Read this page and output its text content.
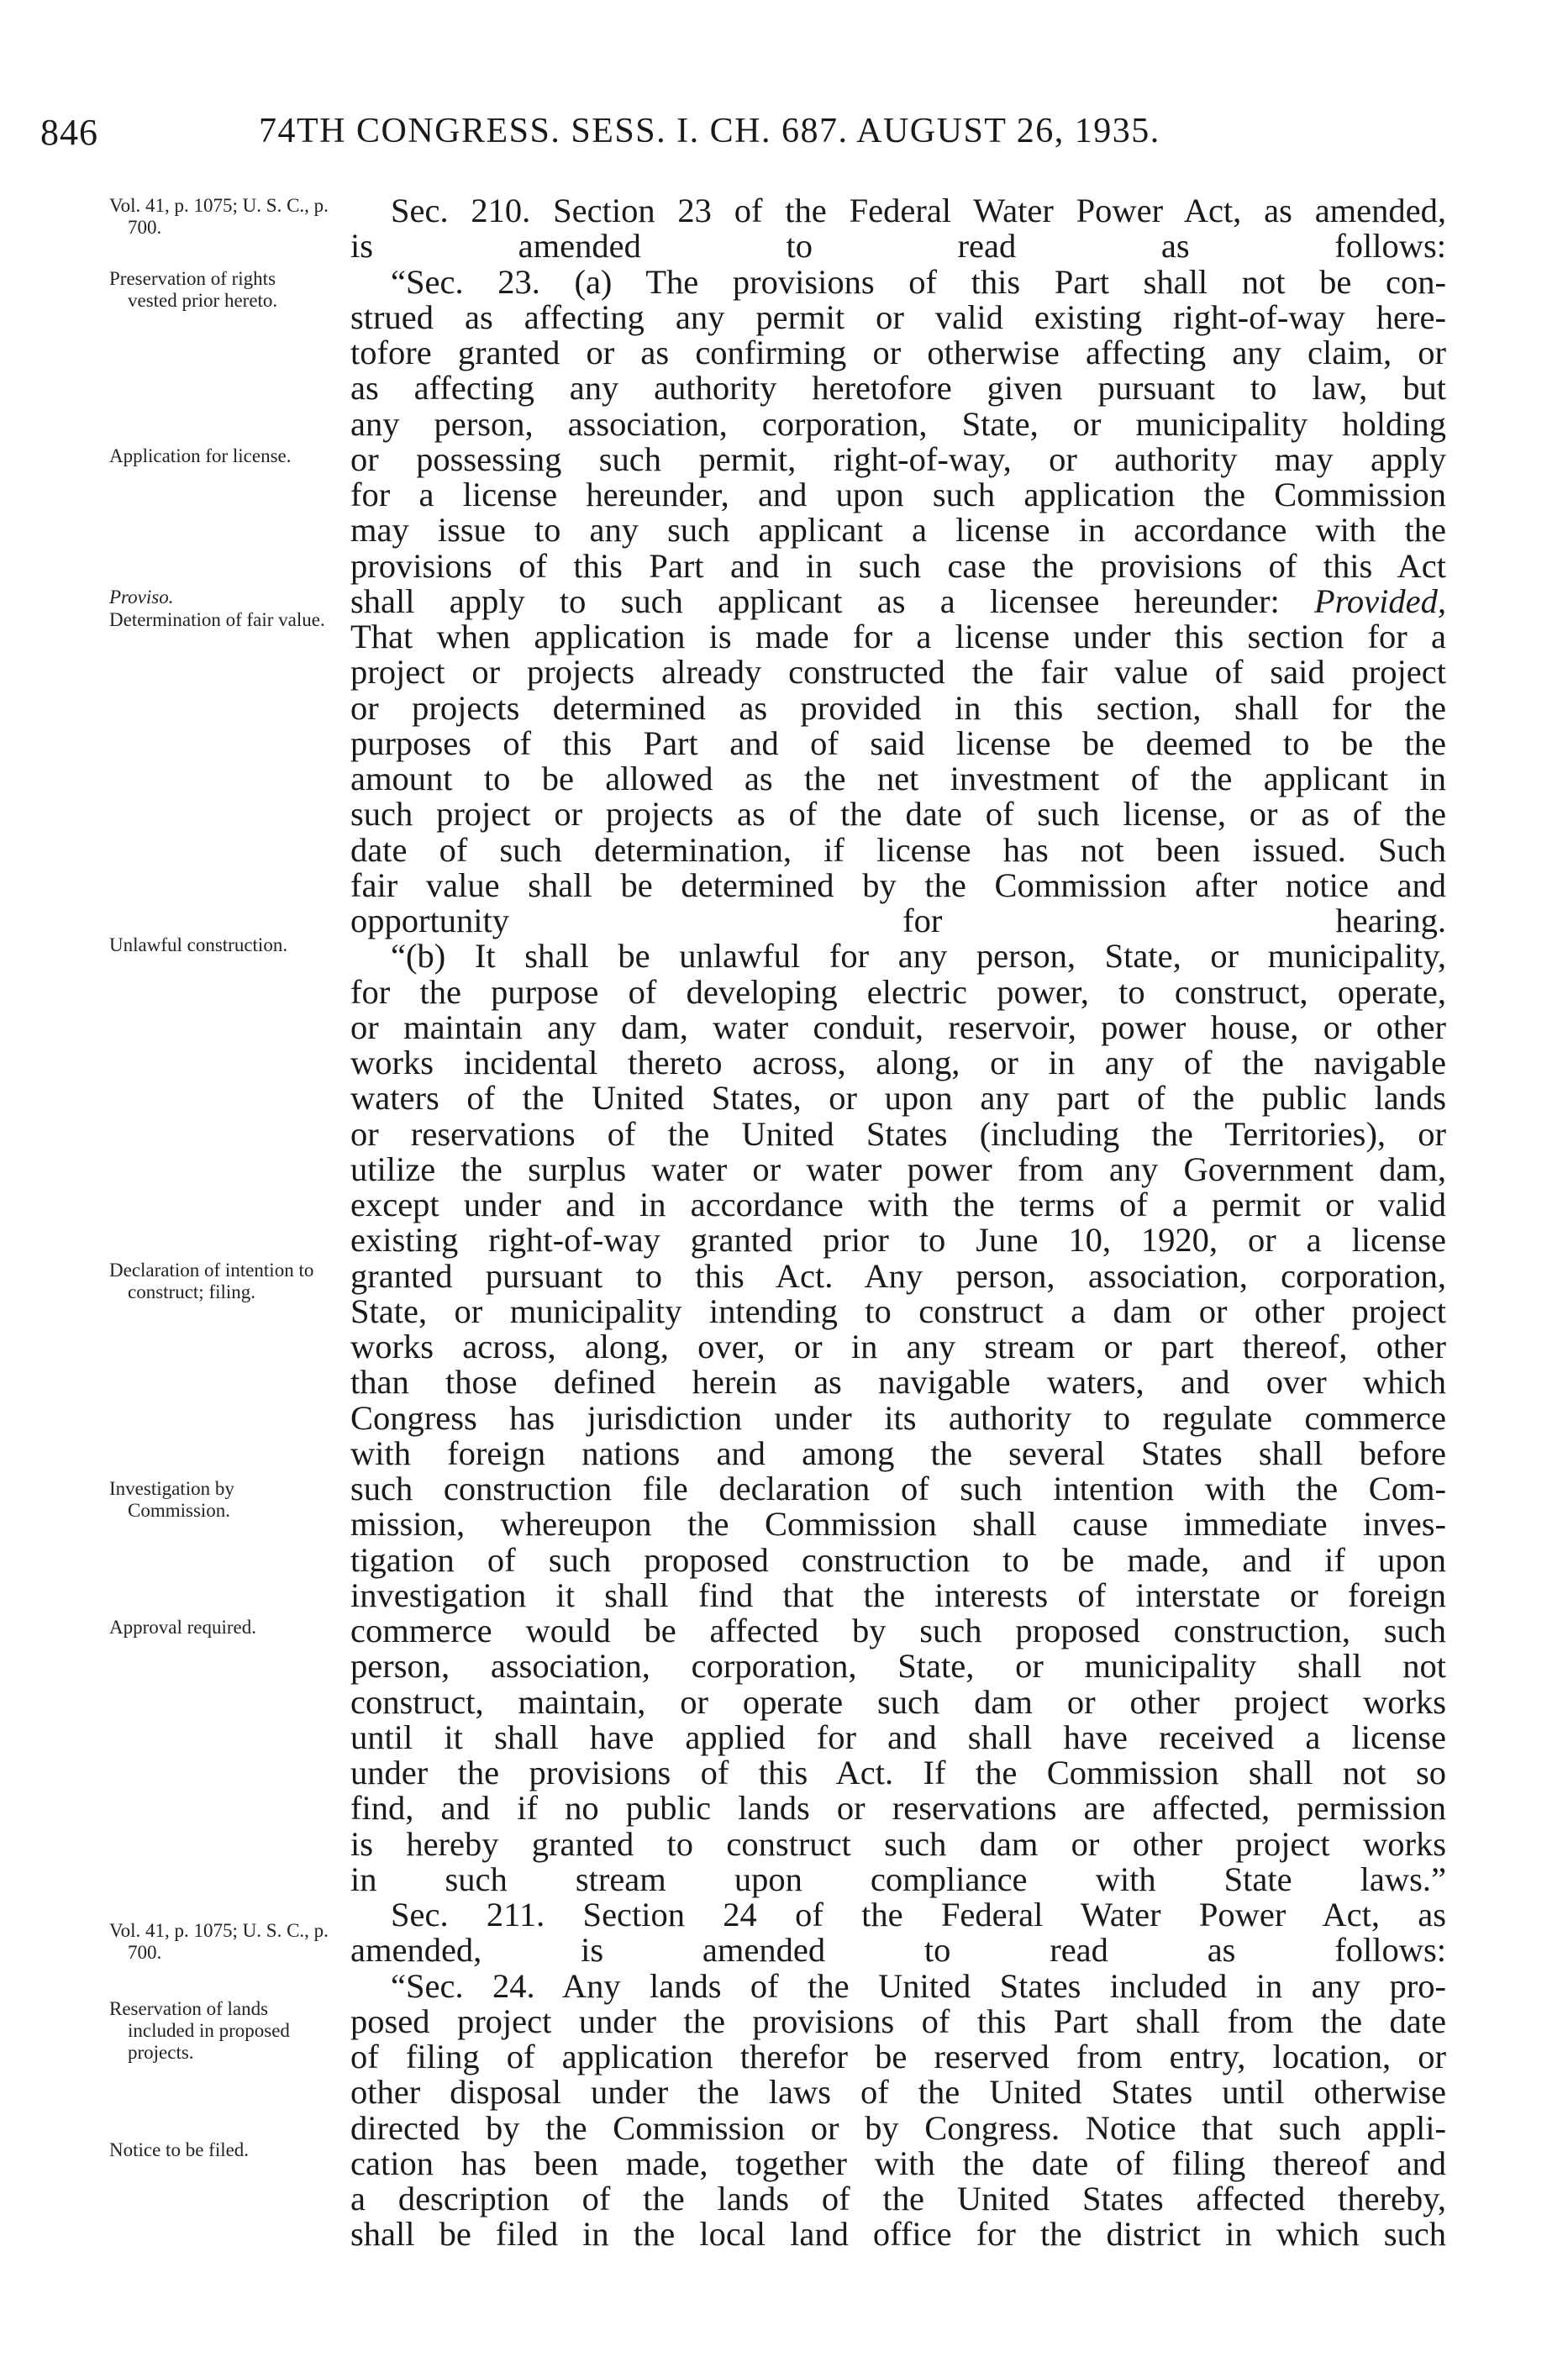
846	74TH CONGRESS. SESS. I. CH. 687. AUGUST 26, 1935.
Vol. 41, p. 1075; U. S. C., p. 700.
Preservation of rights vested prior hereto.
Application for license.
Proviso.
Determination of fair value.
Unlawful construction.
Declaration of intention to construct; filing.
Investigation by Commission.
Approval required.
Vol. 41, p. 1075; U. S. C., p. 700.
Reservation of lands included in proposed projects.
Notice to be filed.
Sec. 210. Section 23 of the Federal Water Power Act, as amended,
is amended to read as follows:
“Sec. 23. (a) The provisions of this Part shall not be con-
strued as affecting any permit or valid existing right-of-way here-
tofore granted or as confirming or otherwise affecting any claim, or
as affecting any authority heretofore given pursuant to law, but
any person, association, corporation, State, or municipality holding
or possessing such permit, right-of-way, or authority may apply
for a license hereunder, and upon such application the Commission
may issue to any such applicant a license in accordance with the
provisions of this Part and in such case the provisions of this Act
shall apply to such applicant as a licensee hereunder: Provided,
That when application is made for a license under this section for a
project or projects already constructed the fair value of said project
or projects determined as provided in this section, shall for the
purposes of this Part and of said license be deemed to be the
amount to be allowed as the net investment of the applicant in
such project or projects as of the date of such license, or as of the
date of such determination, if license has not been issued. Such
fair value shall be determined by the Commission after notice and
opportunity for hearing.
“(b) It shall be unlawful for any person, State, or municipality,
for the purpose of developing electric power, to construct, operate,
or maintain any dam, water conduit, reservoir, power house, or other
works incidental thereto across, along, or in any of the navigable
waters of the United States, or upon any part of the public lands
or reservations of the United States (including the Territories), or
utilize the surplus water or water power from any Government dam,
except under and in accordance with the terms of a permit or valid
existing right-of-way granted prior to June 10, 1920, or a license
granted pursuant to this Act. Any person, association, corporation,
State, or municipality intending to construct a dam or other project
works across, along, over, or in any stream or part thereof, other
than those defined herein as navigable waters, and over which
Congress has jurisdiction under its authority to regulate commerce
with foreign nations and among the several States shall before
such construction file declaration of such intention with the Com-
mission, whereupon the Commission shall cause immediate inves-
tigation of such proposed construction to be made, and if upon
investigation it shall find that the interests of interstate or foreign
commerce would be affected by such proposed construction, such
person, association, corporation, State, or municipality shall not
construct, maintain, or operate such dam or other project works
until it shall have applied for and shall have received a license
under the provisions of this Act. If the Commission shall not so
find, and if no public lands or reservations are affected, permission
is hereby granted to construct such dam or other project works
in such stream upon compliance with State laws.”
Sec. 211. Section 24 of the Federal Water Power Act, as
amended, is amended to read as follows:
“Sec. 24. Any lands of the United States included in any pro-
posed project under the provisions of this Part shall from the date
of filing of application therefor be reserved from entry, location, or
other disposal under the laws of the United States until otherwise
directed by the Commission or by Congress. Notice that such appli-
cation has been made, together with the date of filing thereof and
a description of the lands of the United States affected thereby,
shall be filed in the local land office for the district in which such
